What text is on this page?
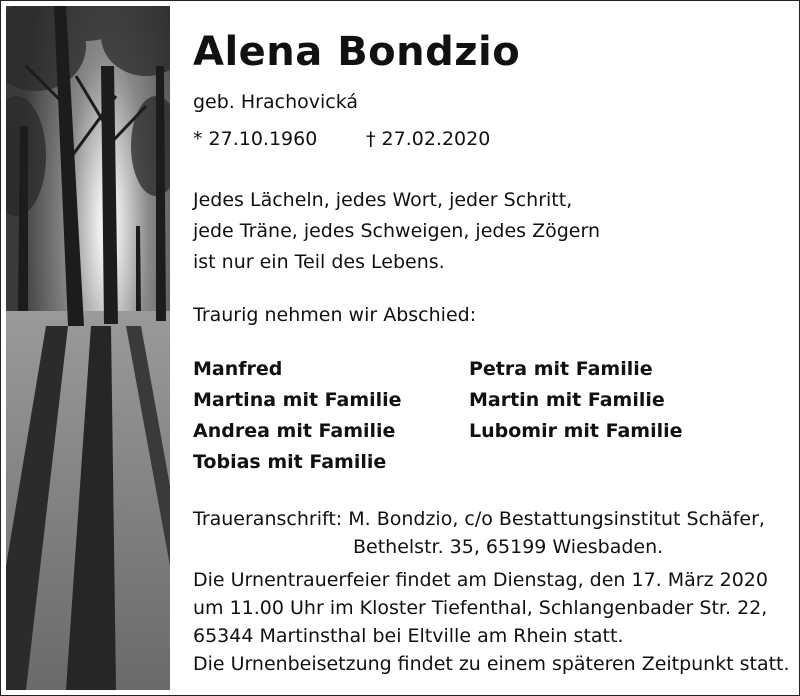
Alena Bondzio
geb. Hrachovická
* 27.10.1960	† 27.02.2020
Jedes Lächeln, jedes Wort, jeder Schritt,
jede Träne, jedes Schweigen, jedes Zögern
ist nur ein Teil des Lebens.
Traurig nehmen wir Abschied:
Manfred
Martina mit Familie
Andrea mit Familie
Tobias mit Familie
Petra mit Familie
Martin mit Familie
Lubomir mit Familie
Traueranschrift: M. Bondzio, c/o Bestattungsinstitut Schäfer,
Bethelstr. 35, 65199 Wiesbaden.
Die Urnentrauerfeier findet am Dienstag, den 17. März 2020
um 11.00 Uhr im Kloster Tiefenthal, Schlangenbader Str. 22,
65344 Martinsthal bei Eltville am Rhein statt.
Die Urnenbeisetzung findet zu einem späteren Zeitpunkt statt.
